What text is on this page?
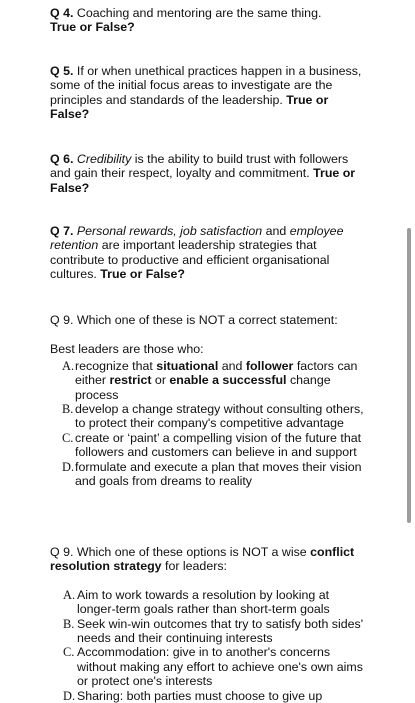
Q 4. Coaching and mentoring are the same thing.
True or False?
Q 5. If or when unethical practices happen in a business, some of the initial focus areas to investigate are the principles and standards of the leadership. True or False?
Q 6. Credibility is the ability to build trust with followers and gain their respect, loyalty and commitment. True or False?
Q 7. Personal rewards, job satisfaction and employee retention are important leadership strategies that contribute to productive and efficient organisational cultures. True or False?
Q 9. Which one of these is NOT a correct statement:
Best leaders are those who:
A. recognize that situational and follower factors can either restrict or enable a successful change process
B. develop a change strategy without consulting others, to protect their company's competitive advantage
C. create or ‘paint’ a compelling vision of the future that followers and customers can believe in and support
D. formulate and execute a plan that moves their vision and goals from dreams to reality
Q 9. Which one of these options is NOT a wise conflict resolution strategy for leaders:
A. Aim to work towards a resolution by looking at longer-term goals rather than short-term goals
B. Seek win-win outcomes that try to satisfy both sides' needs and their continuing interests
C. Accommodation: give in to another's concerns without making any effort to achieve one's own aims or protect one's interests
D. Sharing: both parties must choose to give up
